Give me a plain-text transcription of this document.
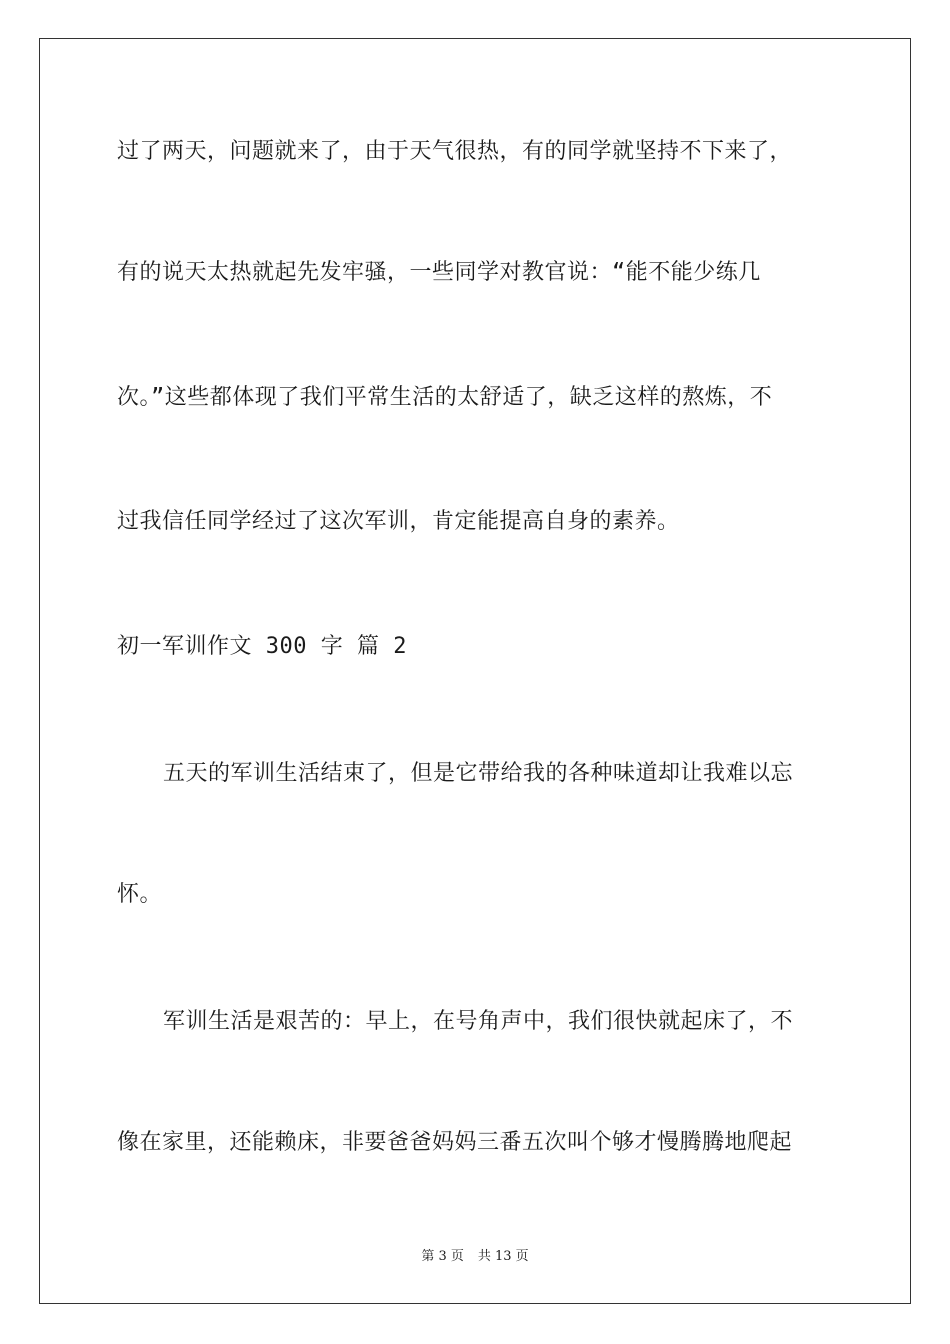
过了两天，问题就来了，由于天气很热，有的同学就坚持不下来了，
有的说天太热就起先发牢骚，一些同学对教官说：“能不能少练几
次。”这些都体现了我们平常生活的太舒适了，缺乏这样的熬炼，不
过我信任同学经过了这次军训，肯定能提高自身的素养。
初一军训作文 300 字 篇 2
五天的军训生活结束了，但是它带给我的各种味道却让我难以忘
怀。
军训生活是艰苦的：早上，在号角声中，我们很快就起床了，不
像在家里，还能赖床，非要爸爸妈妈三番五次叫个够才慢腾腾地爬起
第 3 页 共 13 页
